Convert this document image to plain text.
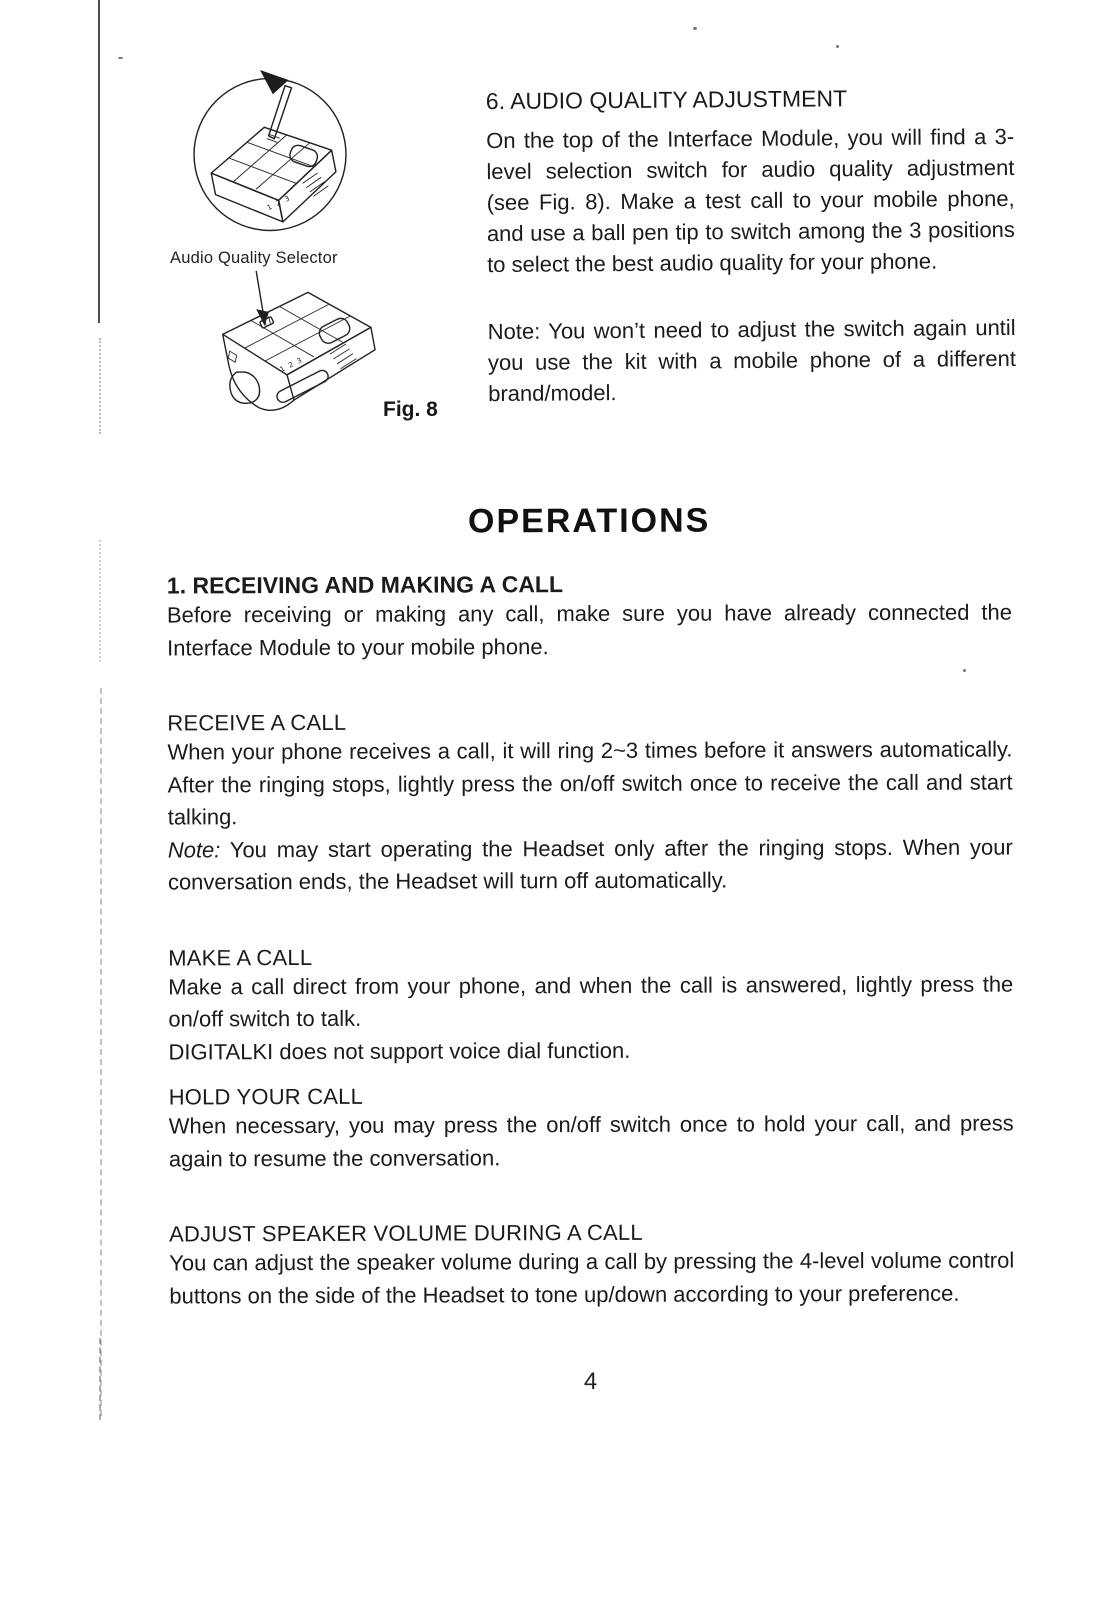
1 2 3
Audio Quality Selector
1 2 3
Fig. 8
6. AUDIO QUALITY ADJUSTMENT

On the top of the Interface Module, you will find a 3-level selection switch for audio quality adjustment (see Fig. 8). Make a test call to your mobile phone, and use a ball pen tip to switch among the 3 positions to select the best audio quality for your phone.

Note: You won’t need to adjust the switch again until you use the kit with a mobile phone of a different brand/model.

OPERATIONS
1. RECEIVING AND MAKING A CALL

Before receiving or making any call, make sure you have already connected the Interface Module to your mobile phone.

RECEIVE A CALL

When your phone receives a call, it will ring 2~3 times before it answers automatically. After the ringing stops, lightly press the on/off switch once to receive the call and start talking.

Note: You may start operating the Headset only after the ringing stops. When your conversation ends, the Headset will turn off automatically.

MAKE A CALL

Make a call direct from your phone, and when the call is answered, lightly press the on/off switch to talk.

DIGITALKI does not support voice dial function.

HOLD YOUR CALL

When necessary, you may press the on/off switch once to hold your call, and press again to resume the conversation.

ADJUST SPEAKER VOLUME DURING A CALL

You can adjust the speaker volume during a call by pressing the 4-level volume control buttons on the side of the Headset to tone up/down according to your preference.

4
